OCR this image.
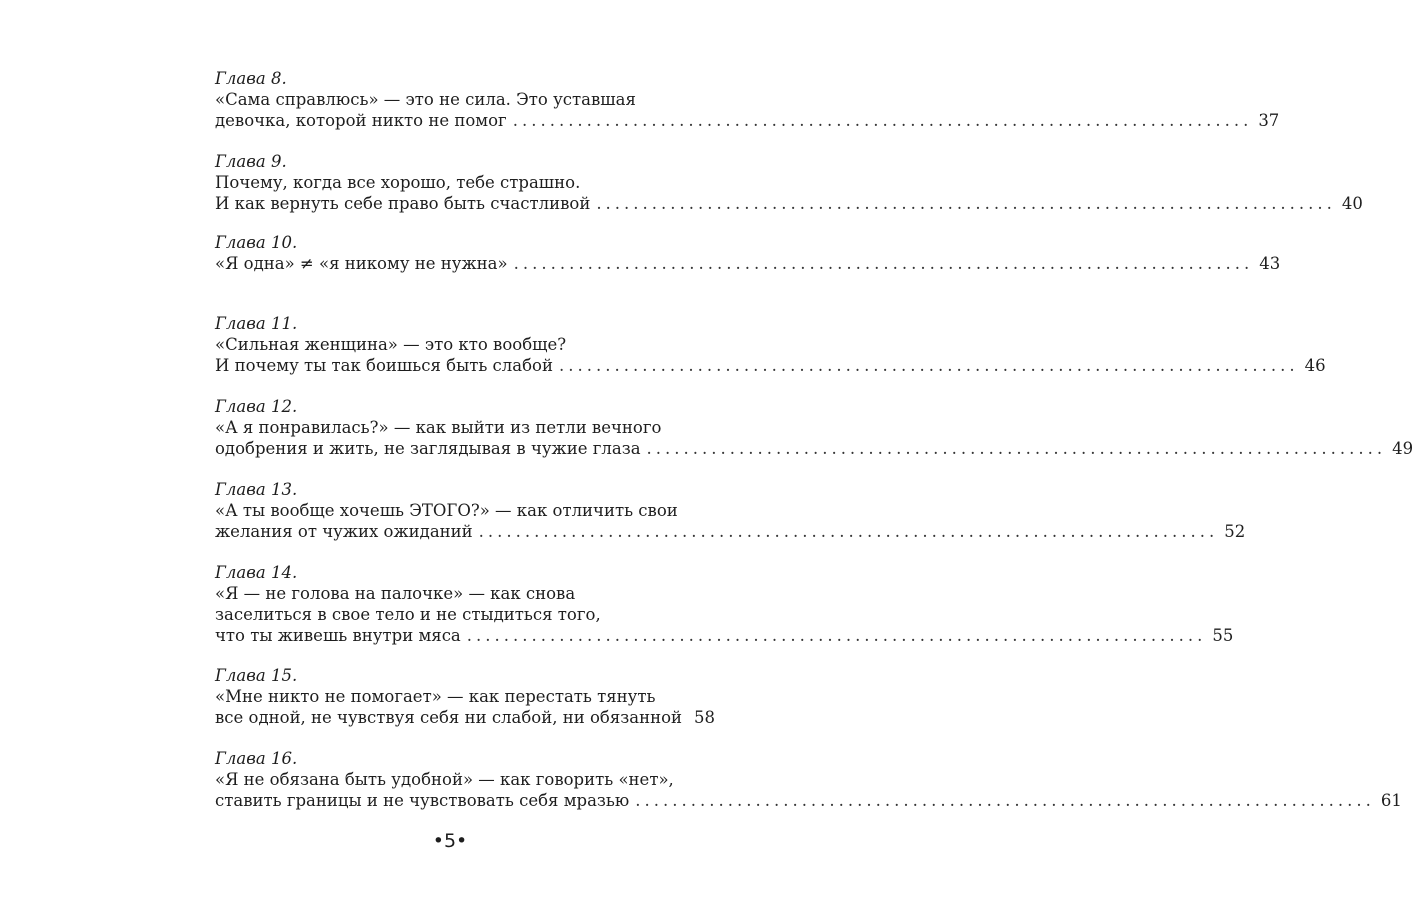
Глава 8.
«Сама справлюсь» — это не сила. Это уставшая
девочка, которой никто не помог ................................................................................ 37
Глава 9.
Почему, когда все хорошо, тебе страшно.
И как вернуть себе право быть счастливой ................................................................................ 40
Глава 10.
«Я одна» ≠ «я никому не нужна» ................................................................................ 43
Глава 11.
«Сильная женщина» — это кто вообще?
И почему ты так боишься быть слабой ................................................................................ 46
Глава 12.
«А я понравилась?» — как выйти из петли вечного
одобрения и жить, не заглядывая в чужие глаза ................................................................................ 49
Глава 13.
«А ты вообще хочешь ЭТОГО?» — как отличить свои
желания от чужих ожиданий ................................................................................ 52
Глава 14.
«Я — не голова на палочке» — как снова
заселиться в свое тело и не стыдиться того,
что ты живешь внутри мяса ................................................................................ 55
Глава 15.
«Мне никто не помогает» — как перестать тянуть
все одной, не чувствуя себя ни слабой, ни обязанной 58
Глава 16.
«Я не обязана быть удобной» — как говорить «нет»,
ставить границы и не чувствовать себя мразью ................................................................................ 61
•5•
